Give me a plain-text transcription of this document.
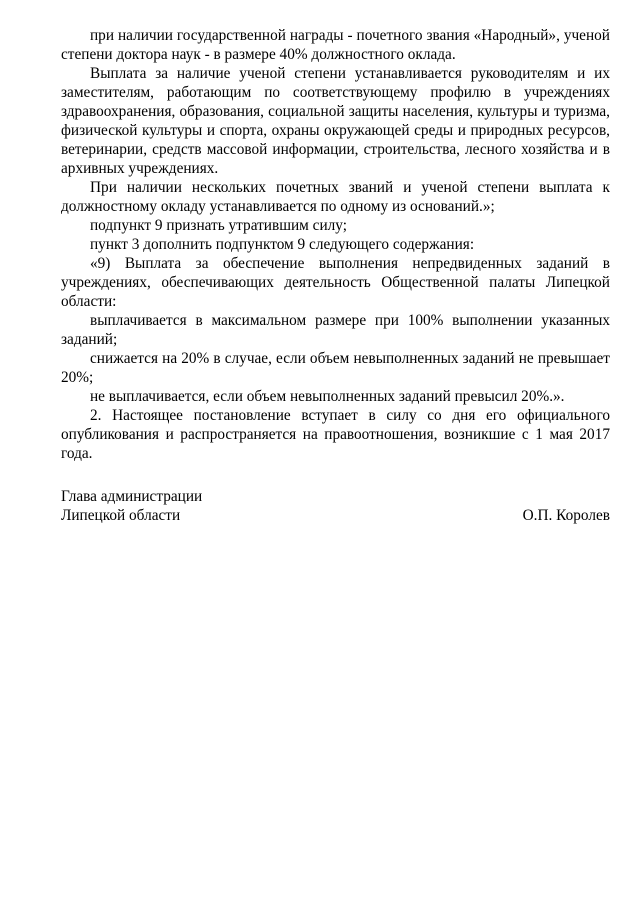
при наличии государственной награды - почетного звания «Народный», ученой степени доктора наук - в размере 40% должностного оклада.

Выплата за наличие ученой степени устанавливается руководителям и их заместителям, работающим по соответствующему профилю в учреждениях здравоохранения, образования, социальной защиты населения, культуры и туризма, физической культуры и спорта, охраны окружающей среды и природных ресурсов, ветеринарии, средств массовой информации, строительства, лесного хозяйства и в архивных учреждениях.

При наличии нескольких почетных званий и ученой степени выплата к должностному окладу устанавливается по одному из оснований.»;

подпункт 9 признать утратившим силу;

пункт 3 дополнить подпунктом 9 следующего содержания:

«9) Выплата за обеспечение выполнения непредвиденных заданий в учреждениях, обеспечивающих деятельность Общественной палаты Липецкой области:

выплачивается в максимальном размере при 100% выполнении указанных заданий;

снижается на 20% в случае, если объем невыполненных заданий не превышает 20%;

не выплачивается, если объем невыполненных заданий превысил 20%.».

2. Настоящее постановление вступает в силу со дня его официального опубликования и распространяется на правоотношения, возникшие с 1 мая 2017 года.

Глава администрации
Липецкой области	О.П. Королев
